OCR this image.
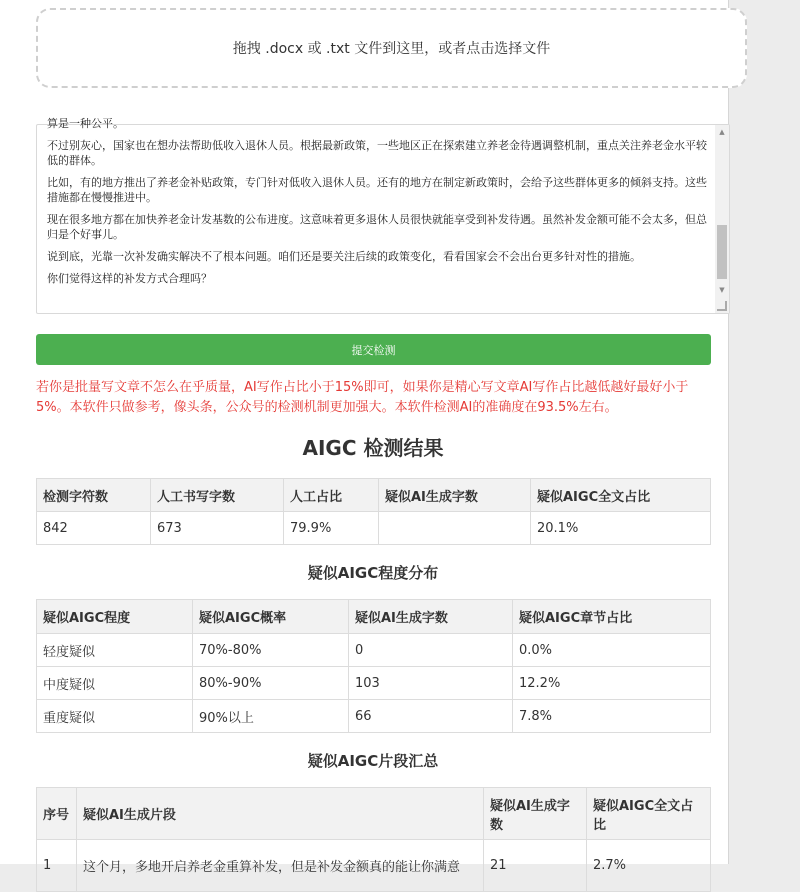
拖拽 .docx 或 .txt 文件到这里，或者点击选择文件

算是一种公平。

不过别灰心，国家也在想办法帮助低收入退休人员。根据最新政策，一些地区正在探索建立养老金待遇调整机制，重点关注养老金水平较低的群体。

比如，有的地方推出了养老金补贴政策，专门针对低收入退休人员。还有的地方在制定新政策时，会给予这些群体更多的倾斜支持。这些措施都在慢慢推进中。

现在很多地方都在加快养老金计发基数的公布进度。这意味着更多退休人员很快就能享受到补发待遇。虽然补发金额可能不会太多，但总归是个好事儿。

说到底，光靠一次补发确实解决不了根本问题。咱们还是要关注后续的政策变化，看看国家会不会出台更多针对性的措施。

你们觉得这样的补发方式合理吗？

▲
▼
提交检测
若你是批量写文章不怎么在乎质量，AI写作占比小于15%即可，如果你是精心写文章AI写作占比越低越好最好小于5%。本软件只做参考，像头条，公众号的检测机制更加强大。本软件检测AI的准确度在93.5%左右。
AIGC 检测结果
检测字符数	人工书写字数	人工占比	疑似AI生成字数	疑似AIGC全文占比
842	673	79.9%		20.1%
疑似AIGC程度分布
疑似AIGC程度	疑似AIGC概率	疑似AI生成字数	疑似AIGC章节占比
轻度疑似	70%-80%	0	0.0%
中度疑似	80%-90%	103	12.2%
重度疑似	90%以上	66	7.8%
疑似AIGC片段汇总
序号	疑似AI生成片段	疑似AI生成字数	疑似AIGC全文占比
1	这个月，多地开启养老金重算补发，但是补发金额真的能让你满意	21	2.7%
